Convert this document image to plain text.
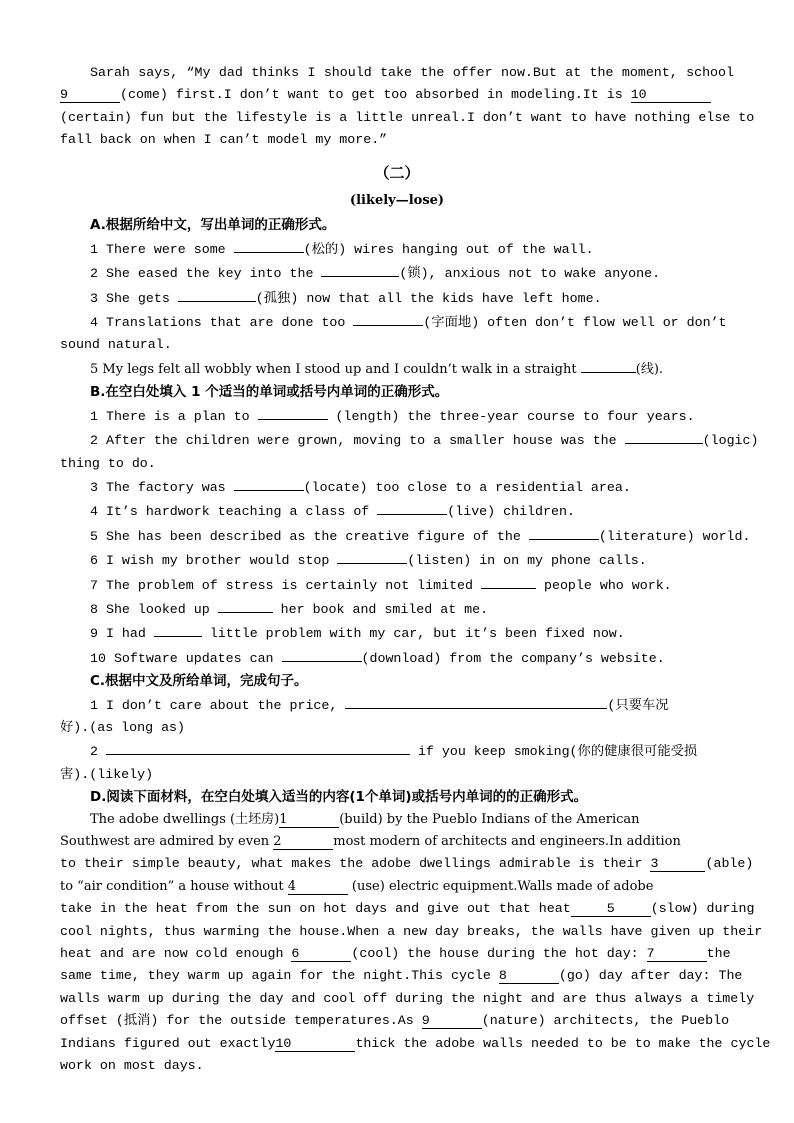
Sarah says, “My dad thinks I should take the offer now.But at the moment, school
9	(come) first.I don’t want to get too absorbed in modeling.It is 10
(certain) fun but the lifestyle is a little unreal.I don’t want to have nothing else to
fall back on when I can’t model my more.”
（二）
(likely—lose)
A.根据所给中文，写出单词的正确形式。
1 There were some	(松的) wires hanging out of the wall.
2 She eased the key into the	(锁), anxious not to wake anyone.
3 She gets	(孤独) now that all the kids have left home.
4 Translations that are done too	(字面地) often don’t flow well or don’t
sound natural.
5 My legs felt all wobbly when I stood up and I couldn’t walk in a straight	(线).
B.在空白处填入 1 个适当的单词或括号内单词的正确形式。
1 There is a plan to	(length) the three-year course to four years.
2 After the children were grown, moving to a smaller house was the	(logic)
thing to do.
3 The factory was	(locate) too close to a residential area.
4 It’s hardwork teaching a class of	(live) children.
5 She has been described as the creative figure of the	(literature) world.
6 I wish my brother would stop	(listen) in on my phone calls.
7 The problem of stress is certainly not limited	people who work.
8 She looked up	her book and smiled at me.
9 I had	little problem with my car, but it’s been fixed now.
10 Software updates can	(download) from the company’s website.
C.根据中文及所给单词，完成句子。
1 I don’t care about the price,	(只要车况
好).(as long as)
2	if you keep smoking(你的健康很可能受损
害).(likely)
D.阅读下面材料，在空白处填入适当的内容(1个单词)或括号内单词的的正确形式。
The adobe dwellings (土坯房)1	(build) by the Pueblo Indians of the American
Southwest are admired by even 2	most modern of architects and engineers.In addition
to their simple beauty, what makes the adobe dwellings admirable is their 3	(able)
to “air condition” a house without 4	(use) electric equipment.Walls made of adobe
take in the heat from the sun on hot days and give out that heat	5	(slow) during
cool nights, thus warming the house.When a new day breaks, the walls have given up their
heat and are now cold enough 6	(cool) the house during the hot day: 7	the
same time, they warm up again for the night.This cycle 8	(go) day after day: The
walls warm up during the day and cool off during the night and are thus always a timely
offset (抵消) for the outside temperatures.As 9	(nature) architects, the Pueblo
Indians figured out exactly10	thick the adobe walls needed to be to make the cycle
work on most days.
